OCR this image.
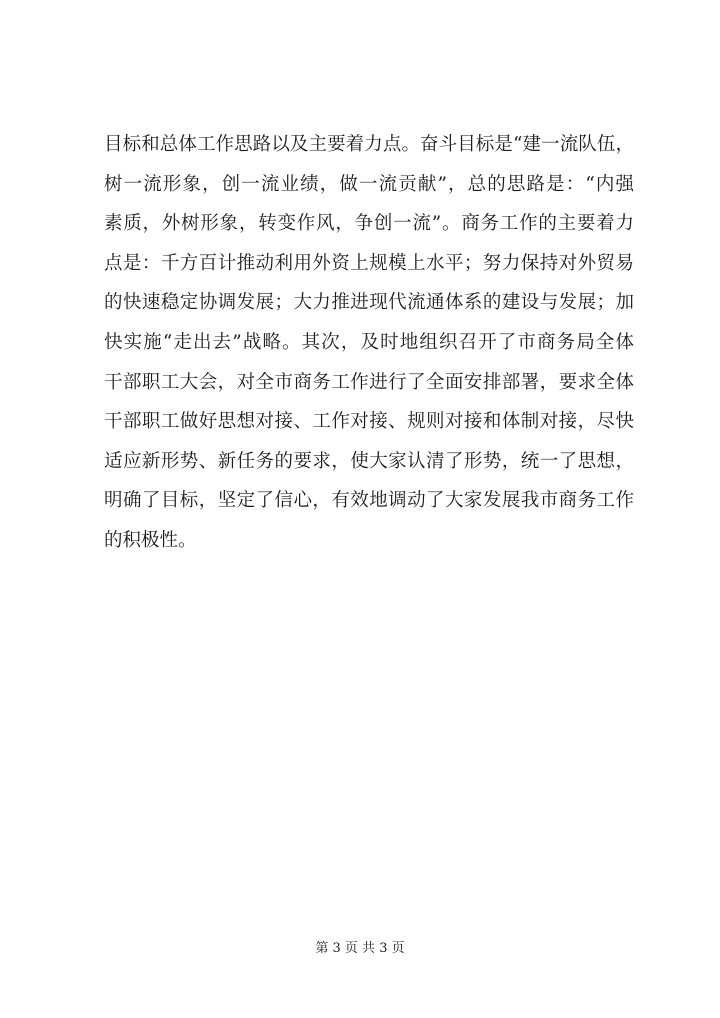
目标和总体工作思路以及主要着力点。奋斗目标是“建一流队伍，
树一流形象，创一流业绩，做一流贡献”，总的思路是：“内强
素质，外树形象，转变作风，争创一流”。商务工作的主要着力
点是：千方百计推动利用外资上规模上水平；努力保持对外贸易
的快速稳定协调发展；大力推进现代流通体系的建设与发展；加
快实施“走出去”战略。其次，及时地组织召开了市商务局全体
干部职工大会，对全市商务工作进行了全面安排部署，要求全体
干部职工做好思想对接、工作对接、规则对接和体制对接，尽快
适应新形势、新任务的要求，使大家认清了形势，统一了思想，
明确了目标，坚定了信心，有效地调动了大家发展我市商务工作
的积极性。
第 3 页 共 3 页
